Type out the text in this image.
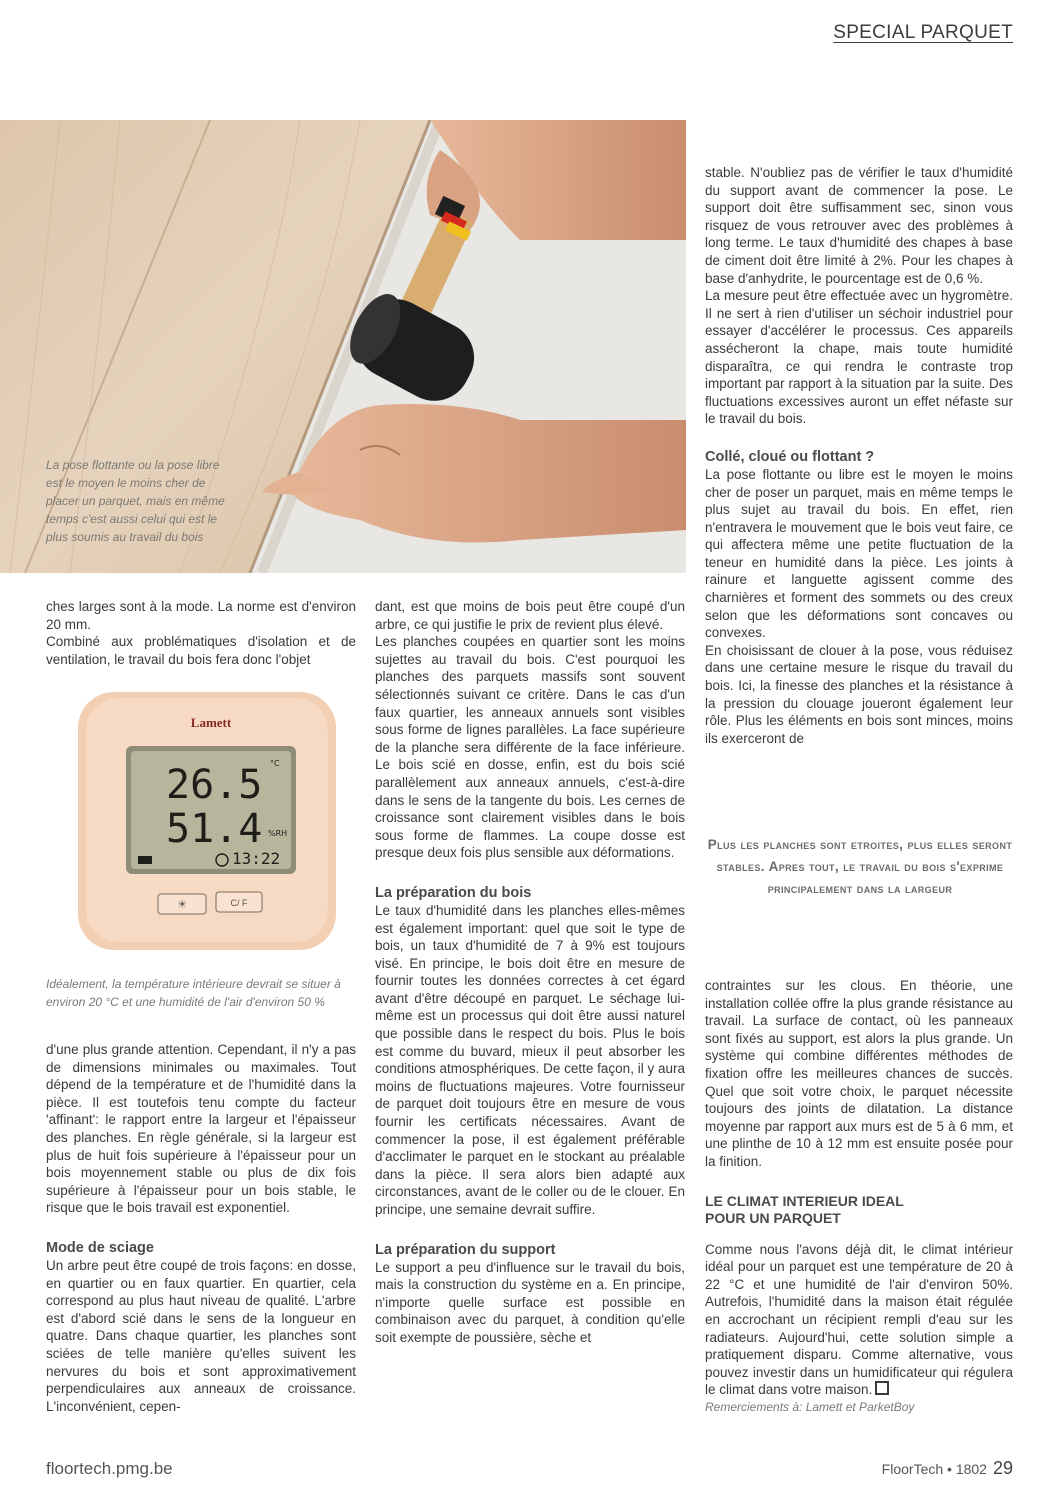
SPECIAL PARQUET
La pose flottante ou la pose libre est le moyen le moins cher de placer un parquet, mais en même temps c'est aussi celui qui est le plus soumis au travail du bois

ches larges sont à la mode. La norme est d'environ 20 mm.

Combiné aux problématiques d'isolation et de ventilation, le travail du bois fera donc l'objet

Lamett
26.5 °C
51.4 %RH
13:22
☀	C/ F
Idéalement, la température intérieure devrait se situer à environ 20 °C et une humidité de l'air d'environ 50 %

d'une plus grande attention. Cependant, il n'y a pas de dimensions minimales ou maximales. Tout dépend de la température et de l'humidité dans la pièce. Il est toutefois tenu compte du facteur 'affinant': le rapport entre la largeur et l'épaisseur des planches. En règle générale, si la largeur est plus de huit fois supérieure à l'épaisseur pour un bois moyennement stable ou plus de dix fois supérieure à l'épaisseur pour un bois stable, le risque que le bois travail est exponentiel.

Mode de sciage

Un arbre peut être coupé de trois façons: en dosse, en quartier ou en faux quartier. En quartier, cela correspond au plus haut niveau de qualité. L'arbre est d'abord scié dans le sens de la longueur en quatre. Dans chaque quartier, les planches sont sciées de telle manière qu'elles suivent les nervures du bois et sont approximativement perpendiculaires aux anneaux de croissance. L'inconvénient, cepen-

dant, est que moins de bois peut être coupé d'un arbre, ce qui justifie le prix de revient plus élevé.

Les planches coupées en quartier sont les moins sujettes au travail du bois. C'est pourquoi les planches des parquets massifs sont souvent sélectionnés suivant ce critère. Dans le cas d'un faux quartier, les anneaux annuels sont visibles sous forme de lignes parallèles. La face supérieure de la planche sera différente de la face inférieure. Le bois scié en dosse, enfin, est du bois scié parallèlement aux anneaux annuels, c'est-à-dire dans le sens de la tangente du bois. Les cernes de croissance sont clairement visibles dans le bois sous forme de flammes. La coupe dosse est presque deux fois plus sensible aux déformations.

La préparation du bois

Le taux d'humidité dans les planches elles-mêmes est également important: quel que soit le type de bois, un taux d'humidité de 7 à 9% est toujours visé. En principe, le bois doit être en mesure de fournir toutes les données correctes à cet égard avant d'être découpé en parquet. Le séchage lui-même est un processus qui doit être aussi naturel que possible dans le respect du bois. Plus le bois est comme du buvard, mieux il peut absorber les conditions atmosphériques. De cette façon, il y aura moins de fluctuations majeures. Votre fournisseur de parquet doit toujours être en mesure de vous fournir les certificats nécessaires. Avant de commencer la pose, il est également préférable d'acclimater le parquet en le stockant au préalable dans la pièce. Il sera alors bien adapté aux circonstances, avant de le coller ou de le clouer. En principe, une semaine devrait suffire.

La préparation du support

Le support a peu d'influence sur le travail du bois, mais la construction du système en a. En principe, n'importe quelle surface est possible en combinaison avec du parquet, à condition qu'elle soit exempte de poussière, sèche et

stable. N'oubliez pas de vérifier le taux d'humidité du support avant de commencer la pose. Le support doit être suffisamment sec, sinon vous risquez de vous retrouver avec des problèmes à long terme. Le taux d'humidité des chapes à base de ciment doit être limité à 2%. Pour les chapes à base d'anhydrite, le pourcentage est de 0,6 %.

La mesure peut être effectuée avec un hygromètre. Il ne sert à rien d'utiliser un séchoir industriel pour essayer d'accélérer le processus. Ces appareils assécheront la chape, mais toute humidité disparaîtra, ce qui rendra le contraste trop important par rapport à la situation par la suite. Des fluctuations excessives auront un effet néfaste sur le travail du bois.

Collé, cloué ou flottant ?

La pose flottante ou libre est le moyen le moins cher de poser un parquet, mais en même temps le plus sujet au travail du bois. En effet, rien n'entravera le mouvement que le bois veut faire, ce qui affectera même une petite fluctuation de la teneur en humidité dans la pièce. Les joints à rainure et languette agissent comme des charnières et forment des sommets ou des creux selon que les déformations sont concaves ou convexes.

En choisissant de clouer à la pose, vous réduisez dans une certaine mesure le risque du travail du bois. Ici, la finesse des planches et la résistance à la pression du clouage joueront également leur rôle. Plus les éléments en bois sont minces, moins ils exerceront de

Plus les planches sont etroites, plus elles seront stables. Apres tout, le travail du bois s'exprime principalement dans la largeur

contraintes sur les clous. En théorie, une installation collée offre la plus grande résistance au travail. La surface de contact, où les panneaux sont fixés au support, est alors la plus grande. Un système qui combine différentes méthodes de fixation offre les meilleures chances de succès. Quel que soit votre choix, le parquet nécessite toujours des joints de dilatation. La distance moyenne par rapport aux murs est de 5 à 6 mm, et une plinthe de 10 à 12 mm est ensuite posée pour la finition.

LE CLIMAT INTERIEUR IDEAL POUR UN PARQUET

Comme nous l'avons déjà dit, le climat intérieur idéal pour un parquet est une température de 20 à 22 °C et une humidité de l'air d'environ 50%. Autrefois, l'humidité dans la maison était régulée en accrochant un récipient rempli d'eau sur les radiateurs. Aujourd'hui, cette solution simple a pratiquement disparu. Comme alternative, vous pouvez investir dans un humidificateur qui régulera le climat dans votre maison.

Remerciements à: Lamett et ParketBoy

floortech.pmg.be	FloorTech • 1802 29
